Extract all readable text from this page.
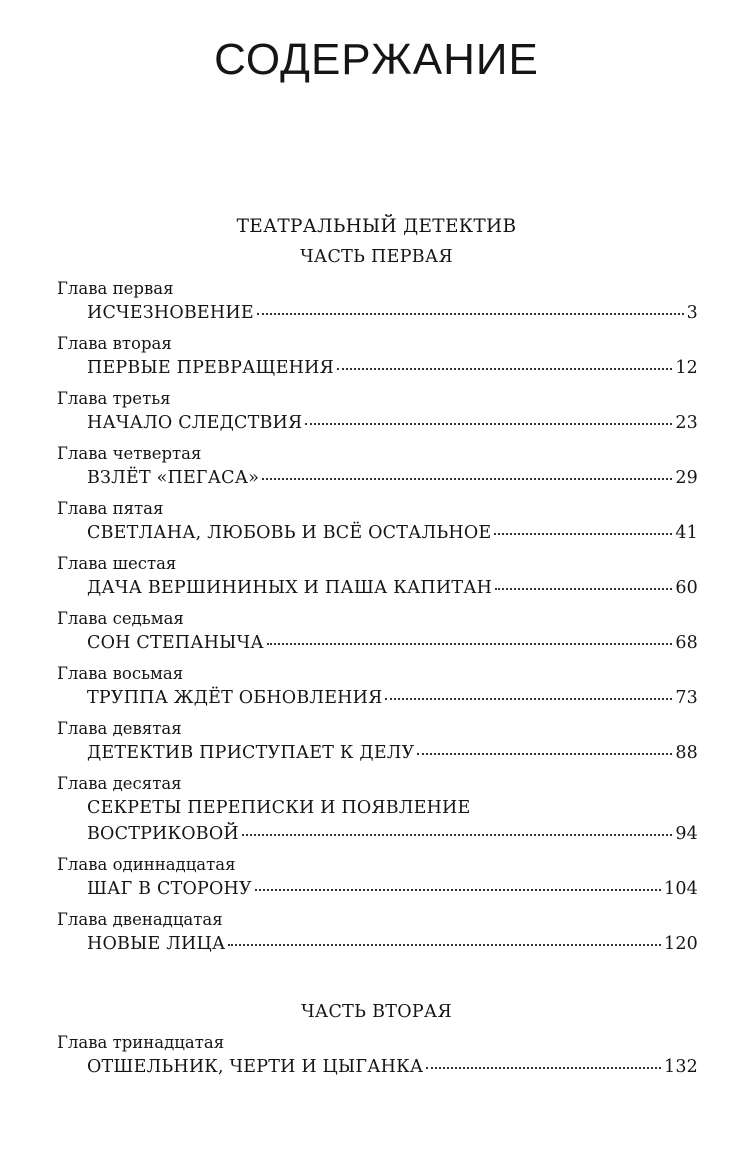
СОДЕРЖАНИЕ
ТЕАТРАЛЬНЫЙ ДЕТЕКТИВ
ЧАСТЬ ПЕРВАЯ
Глава первая
ИСЧЕЗНОВЕНИЕ	3
Глава вторая
ПЕРВЫЕ ПРЕВРАЩЕНИЯ	12
Глава третья
НАЧАЛО СЛЕДСТВИЯ	23
Глава четвертая
ВЗЛЁТ «ПЕГАСА»	29
Глава пятая
СВЕТЛАНА, ЛЮБОВЬ И ВСЁ ОСТАЛЬНОЕ	41
Глава шестая
ДАЧА ВЕРШИНИНЫХ И ПАША КАПИТАН	60
Глава седьмая
СОН СТЕПАНЫЧА	68
Глава восьмая
ТРУППА ЖДЁТ ОБНОВЛЕНИЯ	73
Глава девятая
ДЕТЕКТИВ ПРИСТУПАЕТ К ДЕЛУ	88
Глава десятая
СЕКРЕТЫ ПЕРЕПИСКИ И ПОЯВЛЕНИЕ
ВОСТРИКОВОЙ	94
Глава одиннадцатая
ШАГ В СТОРОНУ	104
Глава двенадцатая
НОВЫЕ ЛИЦА	120
ЧАСТЬ ВТОРАЯ
Глава тринадцатая
ОТШЕЛЬНИК, ЧЕРТИ И ЦЫГАНКА	132
